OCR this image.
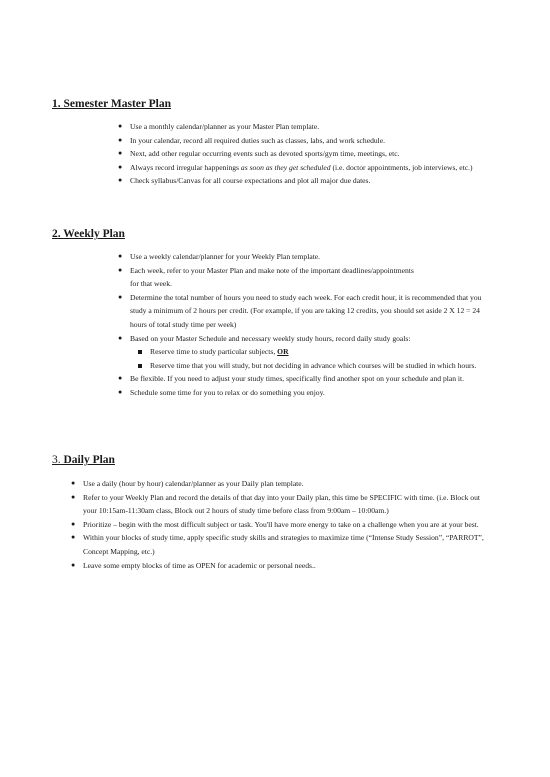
1. Semester Master Plan
● Use a monthly calendar/planner as your Master Plan template.
● In your calendar, record all required duties such as classes, labs, and work schedule.
● Next, add other regular occurring events such as devoted sports/gym time, meetings, etc.
● Always record irregular happenings as soon as they get scheduled (i.e. doctor appointments, job interviews, etc.)
● Check syllabus/Canvas for all course expectations and plot all major due dates.
2. Weekly Plan
● Use a weekly calendar/planner for your Weekly Plan template.
● Each week, refer to your Master Plan and make note of the important deadlines/appointments for that week.
● Determine the total number of hours you need to study each week. For each credit hour, it is recommended that you study a minimum of 2 hours per credit. (For example, if you are taking 12 credits, you should set aside 2 X 12 = 24 hours of total study time per week)
● Based on your Master Schedule and necessary weekly study hours, record daily study goals:
Reserve time to study particular subjects, OR
Reserve time that you will study, but not deciding in advance which courses will be studied in which hours.
● Be flexible. If you need to adjust your study times, specifically find another spot on your schedule and plan it.
● Schedule some time for you to relax or do something you enjoy.
3. Daily Plan
● Use a daily (hour by hour) calendar/planner as your Daily plan template.
● Refer to your Weekly Plan and record the details of that day into your Daily plan, this time be SPECIFIC with time. (i.e. Block out your 10:15am-11:30am class, Block out 2 hours of study time before class from 9:00am – 10:00am.)
● Prioritize – begin with the most difficult subject or task. You'll have more energy to take on a challenge when you are at your best.
● Within your blocks of study time, apply specific study skills and strategies to maximize time (“Intense Study Session”, “PARROT”, Concept Mapping, etc.)
● Leave some empty blocks of time as OPEN for academic or personal needs..
